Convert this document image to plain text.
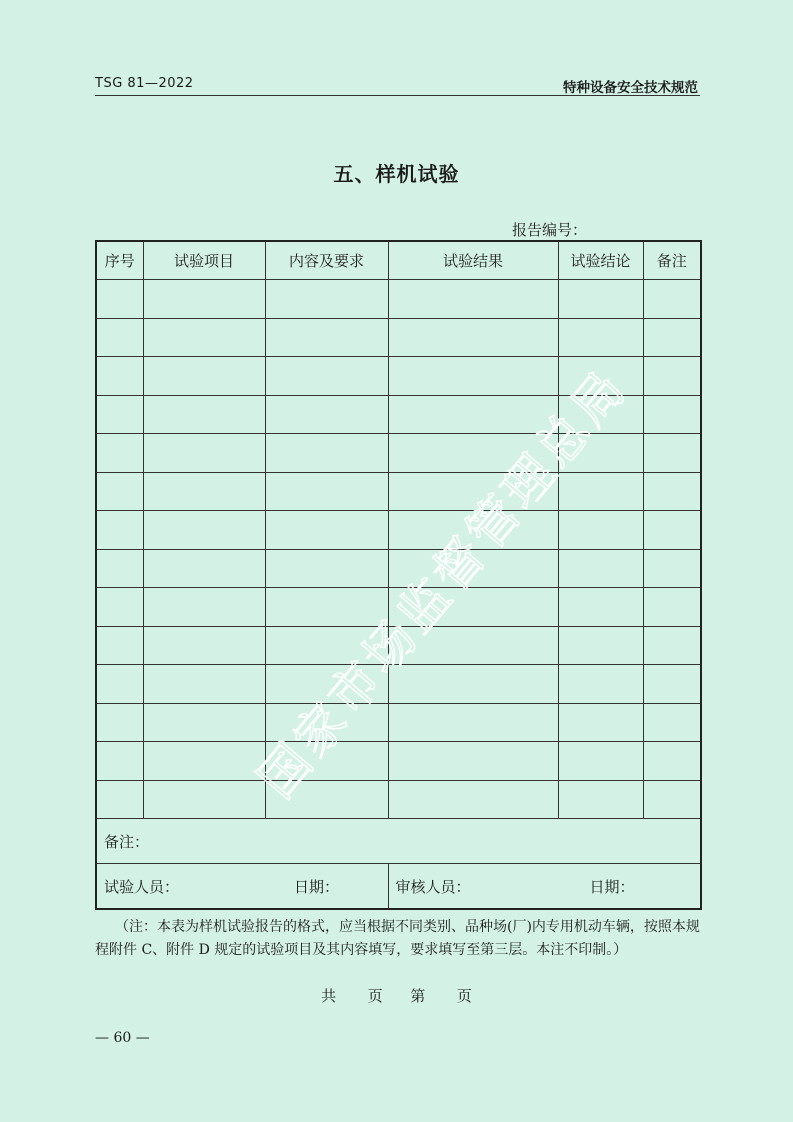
TSG 81—2022	特种设备安全技术规范
五、样机试验
报告编号：
序号	试验项目	内容及要求	试验结果	试验结论	备注

备注：					

试验人员： 日期：			审核人员： 日期：		
（注：本表为样机试验报告的格式，应当根据不同类别、品种场(厂)内专用机动车辆，按照本规程附件 C、附件 D 规定的试验项目及其内容填写，要求填写至第三层。本注不印制。）
共 页 第 页
— 60 —
国家市场监督管理总局
